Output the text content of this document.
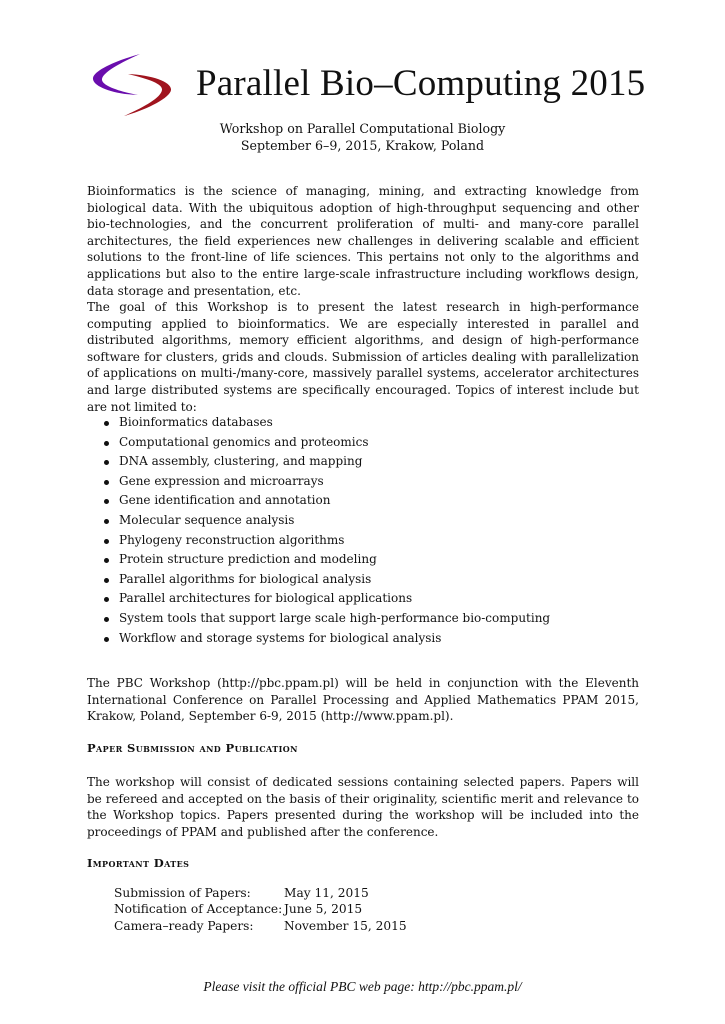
Parallel Bio–Computing 2015
Workshop on Parallel Computational Biology
September 6–9, 2015, Krakow, Poland
Bioinformatics is the science of managing, mining, and extracting knowledge from biological data. With the ubiquitous adoption of high-throughput sequencing and other bio-technologies, and the concurrent proliferation of multi- and many-core parallel architectures, the field experiences new challenges in delivering scalable and efficient solutions to the front-line of life sciences. This pertains not only to the algorithms and applications but also to the entire large-scale infrastructure including workflows design, data storage and presentation, etc.
The goal of this Workshop is to present the latest research in high-performance computing applied to bioinformatics. We are especially interested in parallel and distributed algorithms, memory efficient algorithms, and design of high-performance software for clusters, grids and clouds. Submission of articles dealing with parallelization of applications on multi-/many-core, massively parallel systems, accelerator architectures and large distributed systems are specifically encouraged. Topics of interest include but are not limited to:
Bioinformatics databases
Computational genomics and proteomics
DNA assembly, clustering, and mapping
Gene expression and microarrays
Gene identification and annotation
Molecular sequence analysis
Phylogeny reconstruction algorithms
Protein structure prediction and modeling
Parallel algorithms for biological analysis
Parallel architectures for biological applications
System tools that support large scale high-performance bio-computing
Workflow and storage systems for biological analysis
The PBC Workshop (http://pbc.ppam.pl) will be held in conjunction with the Eleventh International Conference on Parallel Processing and Applied Mathematics PPAM 2015, Krakow, Poland, September 6-9, 2015 (http://www.ppam.pl).
Paper Submission and Publication
The workshop will consist of dedicated sessions containing selected papers. Papers will be refereed and accepted on the basis of their originality, scientific merit and relevance to the Workshop topics. Papers presented during the workshop will be included into the proceedings of PPAM and published after the conference.
Important Dates
Submission of Papers:	May 11, 2015
Notification of Acceptance:	June 5, 2015
Camera–ready Papers:	November 15, 2015
Please visit the official PBC web page: http://pbc.ppam.pl/
